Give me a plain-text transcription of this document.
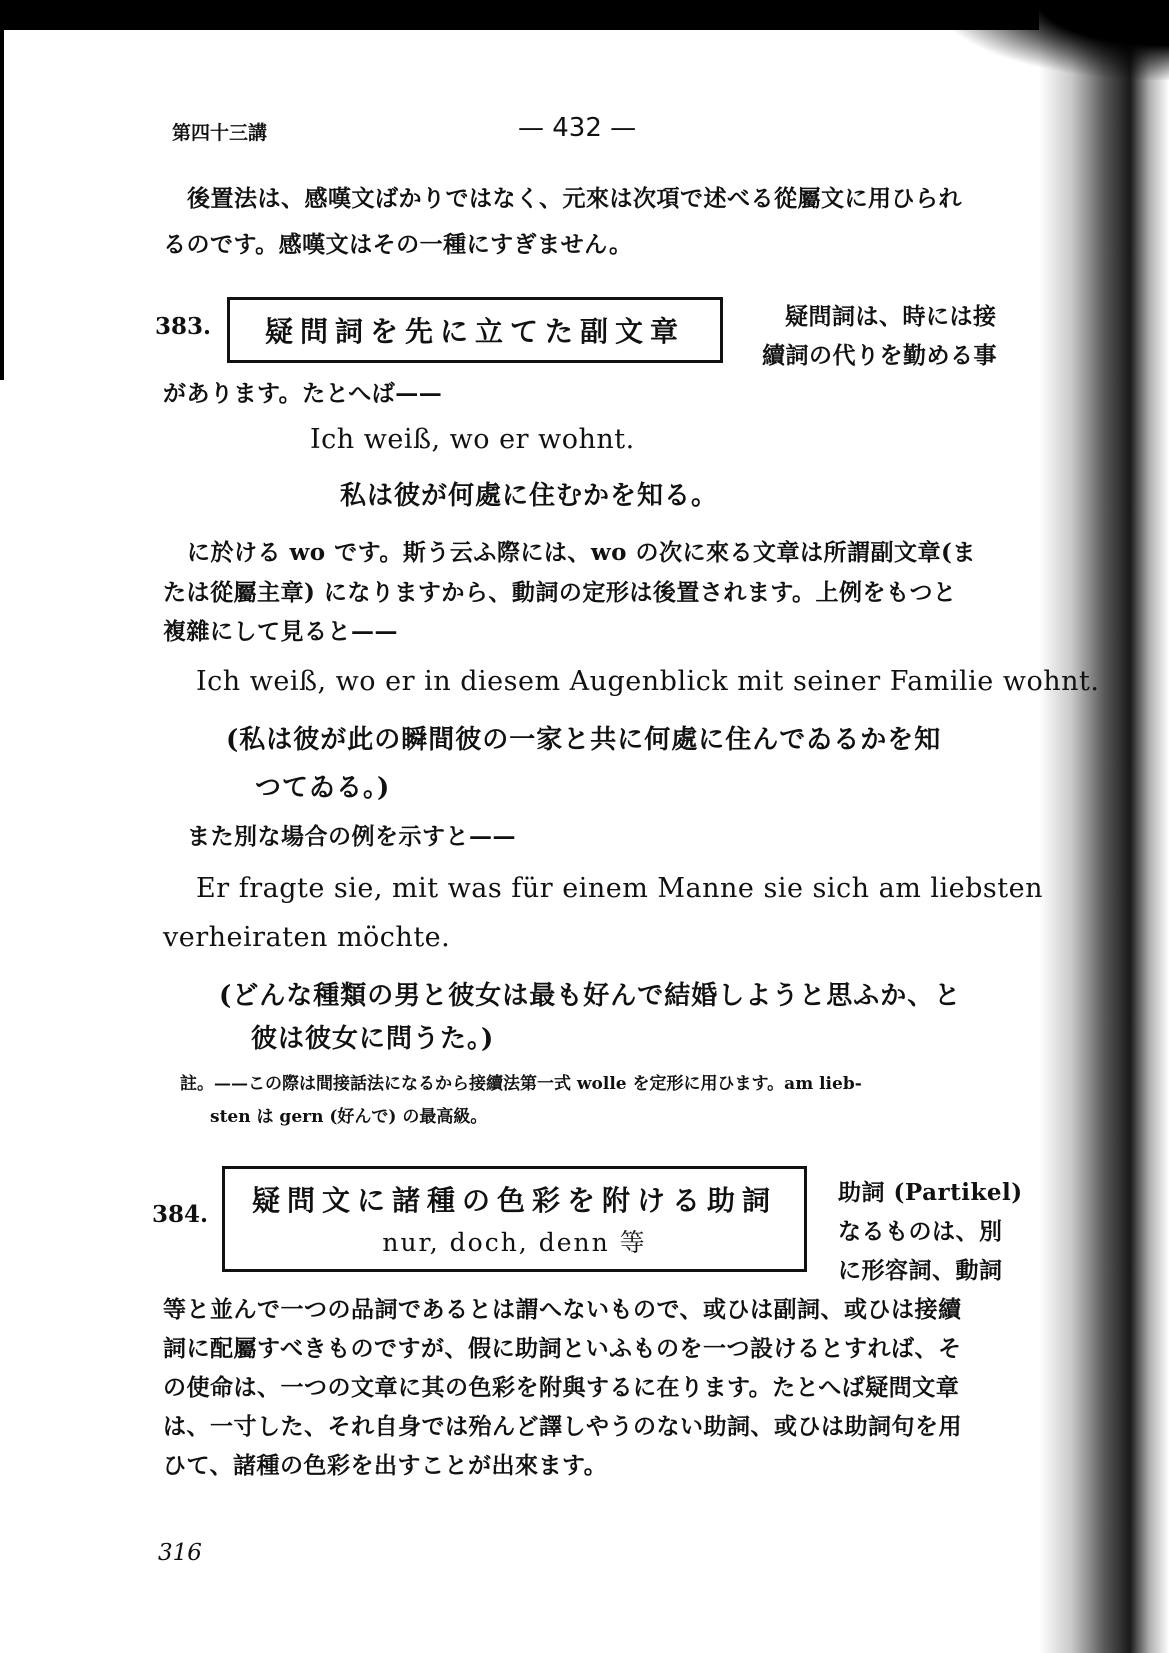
第四十三講	— 432 —
後置法は、感嘆文ばかりではなく、元來は次項で述べる從屬文に用ひられ
るのです。感嘆文はその一種にすぎません。
383. 疑問詞を先に立てた副文章	疑問詞は、時には接
續詞の代りを勤める事
があります。たとへば——
Ich weiß, wo er wohnt.
私は彼が何處に住むかを知る。
に於ける wo です。斯う云ふ際には、wo の次に來る文章は所謂副文章(ま
たは從屬主章) になりますから、動詞の定形は後置されます。上例をもつと
複雜にして見ると——
Ich weiß, wo er in diesem Augenblick mit seiner Familie wohnt.
(私は彼が此の瞬間彼の一家と共に何處に住んでゐるかを知
つてゐる。)
また別な場合の例を示すと——
Er fragte sie, mit was für einem Manne sie sich am liebsten
verheiraten möchte.
(どんな種類の男と彼女は最も好んで結婚しようと思ふか、と
彼は彼女に問うた。)
註。——この際は間接話法になるから接續法第一式 wolle を定形に用ひます。am lieb-
sten は gern (好んで) の最高級。
384. 疑問文に諸種の色彩を附ける助詞
nur, doch, denn 等
助詞 (Partikel)
なるものは、別
に形容詞、動詞
等と並んで一つの品詞であるとは謂へないもので、或ひは副詞、或ひは接續
詞に配屬すべきものですが、假に助詞といふものを一つ設けるとすれば、そ
の使命は、一つの文章に其の色彩を附與するに在ります。たとへば疑問文章
は、一寸した、それ自身では殆んど譯しやうのない助詞、或ひは助詞句を用
ひて、諸種の色彩を出すことが出來ます。
316
